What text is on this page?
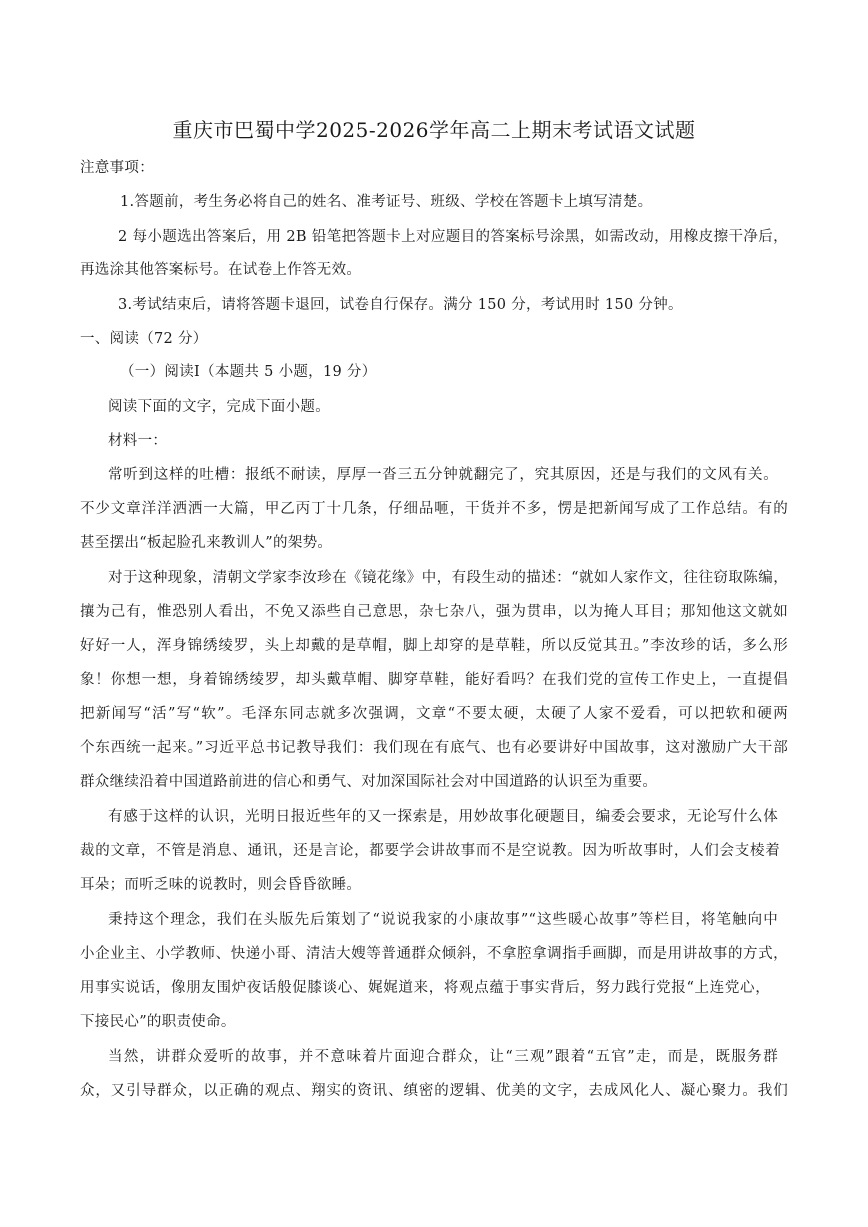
重庆市巴蜀中学2025-2026学年高二上期末考试语文试题
注意事项：
1.答题前，考生务必将自己的姓名、准考证号、班级、学校在答题卡上填写清楚。
2 每小题选出答案后，用 2B 铅笔把答题卡上对应题目的答案标号涂黑，如需改动，用橡皮擦干净后，
再选涂其他答案标号。在试卷上作答无效。
3.考试结束后，请将答题卡退回，试卷自行保存。满分 150 分，考试用时 150 分钟。
一、阅读（72 分）
（一）阅读Ⅰ（本题共 5 小题，19 分）
阅读下面的文字，完成下面小题。
材料一：
常听到这样的吐槽：报纸不耐读，厚厚一沓三五分钟就翻完了，究其原因，还是与我们的文风有关。
不少文章洋洋洒洒一大篇，甲乙丙丁十几条，仔细品咂，干货并不多，愣是把新闻写成了工作总结。有的
甚至摆出“板起脸孔来教训人”的架势。
对于这种现象，清朝文学家李汝珍在《镜花缘》中，有段生动的描述：“就如人家作文，往往窃取陈编，
攘为己有，惟恐别人看出，不免又添些自己意思，杂七杂八，强为贯串，以为掩人耳目；那知他这文就如
好好一人，浑身锦绣绫罗，头上却戴的是草帽，脚上却穿的是草鞋，所以反觉其丑。”李汝珍的话，多么形
象！你想一想，身着锦绣绫罗，却头戴草帽、脚穿草鞋，能好看吗？在我们党的宣传工作史上，一直提倡
把新闻写“活”写“软”。毛泽东同志就多次强调，文章“不要太硬，太硬了人家不爱看，可以把软和硬两
个东西统一起来。”习近平总书记教导我们：我们现在有底气、也有必要讲好中国故事，这对激励广大干部
群众继续沿着中国道路前进的信心和勇气、对加深国际社会对中国道路的认识至为重要。
有感于这样的认识，光明日报近些年的又一探索是，用妙故事化硬题目，编委会要求，无论写什么体
裁的文章，不管是消息、通讯，还是言论，都要学会讲故事而不是空说教。因为听故事时，人们会支棱着
耳朵；而听乏味的说教时，则会昏昏欲睡。
秉持这个理念，我们在头版先后策划了“说说我家的小康故事”“这些暖心故事”等栏目，将笔触向中
小企业主、小学教师、快递小哥、清洁大嫂等普通群众倾斜，不拿腔拿调指手画脚，而是用讲故事的方式，
用事实说话，像朋友围炉夜话般促膝谈心、娓娓道来，将观点蕴于事实背后，努力践行党报“上连党心，
下接民心”的职责使命。
当然，讲群众爱听的故事，并不意味着片面迎合群众，让“三观”跟着“五官”走，而是，既服务群
众，又引导群众，以正确的观点、翔实的资讯、缜密的逻辑、优美的文字，去成风化人、凝心聚力。我们
